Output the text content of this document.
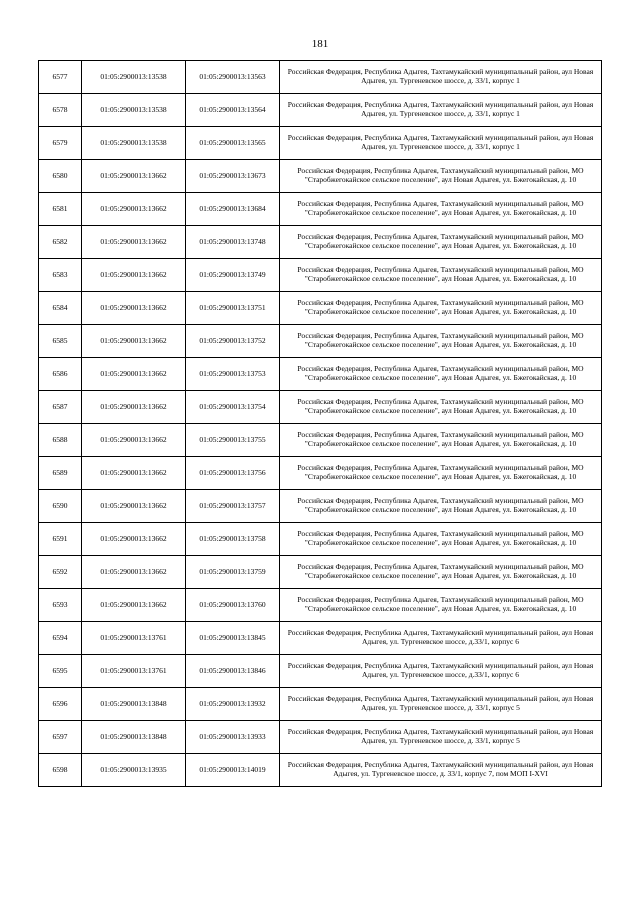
181
6577	01:05:2900013:13538	01:05:2900013:13563	Российская Федерация, Республика Адыгея, Тахтамукайский муниципальный район, аул Новая Адыгея, ул. Тургеневское шоссе, д. 33/1, корпус 1
6578	01:05:2900013:13538	01:05:2900013:13564	Российская Федерация, Республика Адыгея, Тахтамукайский муниципальный район, аул Новая Адыгея, ул. Тургеневское шоссе, д. 33/1, корпус 1
6579	01:05:2900013:13538	01:05:2900013:13565	Российская Федерация, Республика Адыгея, Тахтамукайский муниципальный район, аул Новая Адыгея, ул. Тургеневское шоссе, д. 33/1, корпус 1
6580	01:05:2900013:13662	01:05:2900013:13673	Российская Федерация, Республика Адыгея, Тахтамукайский муниципальный район, МО "Старобжегокайское сельское поселение", аул Новая Адыгея, ул. Бжегокайская, д. 10
6581	01:05:2900013:13662	01:05:2900013:13684	Российская Федерация, Республика Адыгея, Тахтамукайский муниципальный район, МО "Старобжегокайское сельское поселение", аул Новая Адыгея, ул. Бжегокайская, д. 10
6582	01:05:2900013:13662	01:05:2900013:13748	Российская Федерация, Республика Адыгея, Тахтамукайский муниципальный район, МО "Старобжегокайское сельское поселение", аул Новая Адыгея, ул. Бжегокайская, д. 10
6583	01:05:2900013:13662	01:05:2900013:13749	Российская Федерация, Республика Адыгея, Тахтамукайский муниципальный район, МО "Старобжегокайское сельское поселение", аул Новая Адыгея, ул. Бжегокайская, д. 10
6584	01:05:2900013:13662	01:05:2900013:13751	Российская Федерация, Республика Адыгея, Тахтамукайский муниципальный район, МО "Старобжегокайское сельское поселение", аул Новая Адыгея, ул. Бжегокайская, д. 10
6585	01:05:2900013:13662	01:05:2900013:13752	Российская Федерация, Республика Адыгея, Тахтамукайский муниципальный район, МО "Старобжегокайское сельское поселение", аул Новая Адыгея, ул. Бжегокайская, д. 10
6586	01:05:2900013:13662	01:05:2900013:13753	Российская Федерация, Республика Адыгея, Тахтамукайский муниципальный район, МО "Старобжегокайское сельское поселение", аул Новая Адыгея, ул. Бжегокайская, д. 10
6587	01:05:2900013:13662	01:05:2900013:13754	Российская Федерация, Республика Адыгея, Тахтамукайский муниципальный район, МО "Старобжегокайское сельское поселение", аул Новая Адыгея, ул. Бжегокайская, д. 10
6588	01:05:2900013:13662	01:05:2900013:13755	Российская Федерация, Республика Адыгея, Тахтамукайский муниципальный район, МО "Старобжегокайское сельское поселение", аул Новая Адыгея, ул. Бжегокайская, д. 10
6589	01:05:2900013:13662	01:05:2900013:13756	Российская Федерация, Республика Адыгея, Тахтамукайский муниципальный район, МО "Старобжегокайское сельское поселение", аул Новая Адыгея, ул. Бжегокайская, д. 10
6590	01:05:2900013:13662	01:05:2900013:13757	Российская Федерация, Республика Адыгея, Тахтамукайский муниципальный район, МО "Старобжегокайское сельское поселение", аул Новая Адыгея, ул. Бжегокайская, д. 10
6591	01:05:2900013:13662	01:05:2900013:13758	Российская Федерация, Республика Адыгея, Тахтамукайский муниципальный район, МО "Старобжегокайское сельское поселение", аул Новая Адыгея, ул. Бжегокайская, д. 10
6592	01:05:2900013:13662	01:05:2900013:13759	Российская Федерация, Республика Адыгея, Тахтамукайский муниципальный район, МО "Старобжегокайское сельское поселение", аул Новая Адыгея, ул. Бжегокайская, д. 10
6593	01:05:2900013:13662	01:05:2900013:13760	Российская Федерация, Республика Адыгея, Тахтамукайский муниципальный район, МО "Старобжегокайское сельское поселение", аул Новая Адыгея, ул. Бжегокайская, д. 10
6594	01:05:2900013:13761	01:05:2900013:13845	Российская Федерация, Республика Адыгея, Тахтамукайский муниципальный район, аул Новая Адыгея, ул. Тургеневское шоссе, д.33/1, корпус 6
6595	01:05:2900013:13761	01:05:2900013:13846	Российская Федерация, Республика Адыгея, Тахтамукайский муниципальный район, аул Новая Адыгея, ул. Тургеневское шоссе, д.33/1, корпус 6
6596	01:05:2900013:13848	01:05:2900013:13932	Российская Федерация, Республика Адыгея, Тахтамукайский муниципальный район, аул Новая Адыгея, ул. Тургеневское шоссе, д. 33/1, корпус 5
6597	01:05:2900013:13848	01:05:2900013:13933	Российская Федерация, Республика Адыгея, Тахтамукайский муниципальный район, аул Новая Адыгея, ул. Тургеневское шоссе, д. 33/1, корпус 5
6598	01:05:2900013:13935	01:05:2900013:14019	Российская Федерация, Республика Адыгея, Тахтамукайский муниципальный район, аул Новая Адыгея, ул. Тургеневское шоссе, д. 33/1, корпус 7, пом МОП I-XVI
